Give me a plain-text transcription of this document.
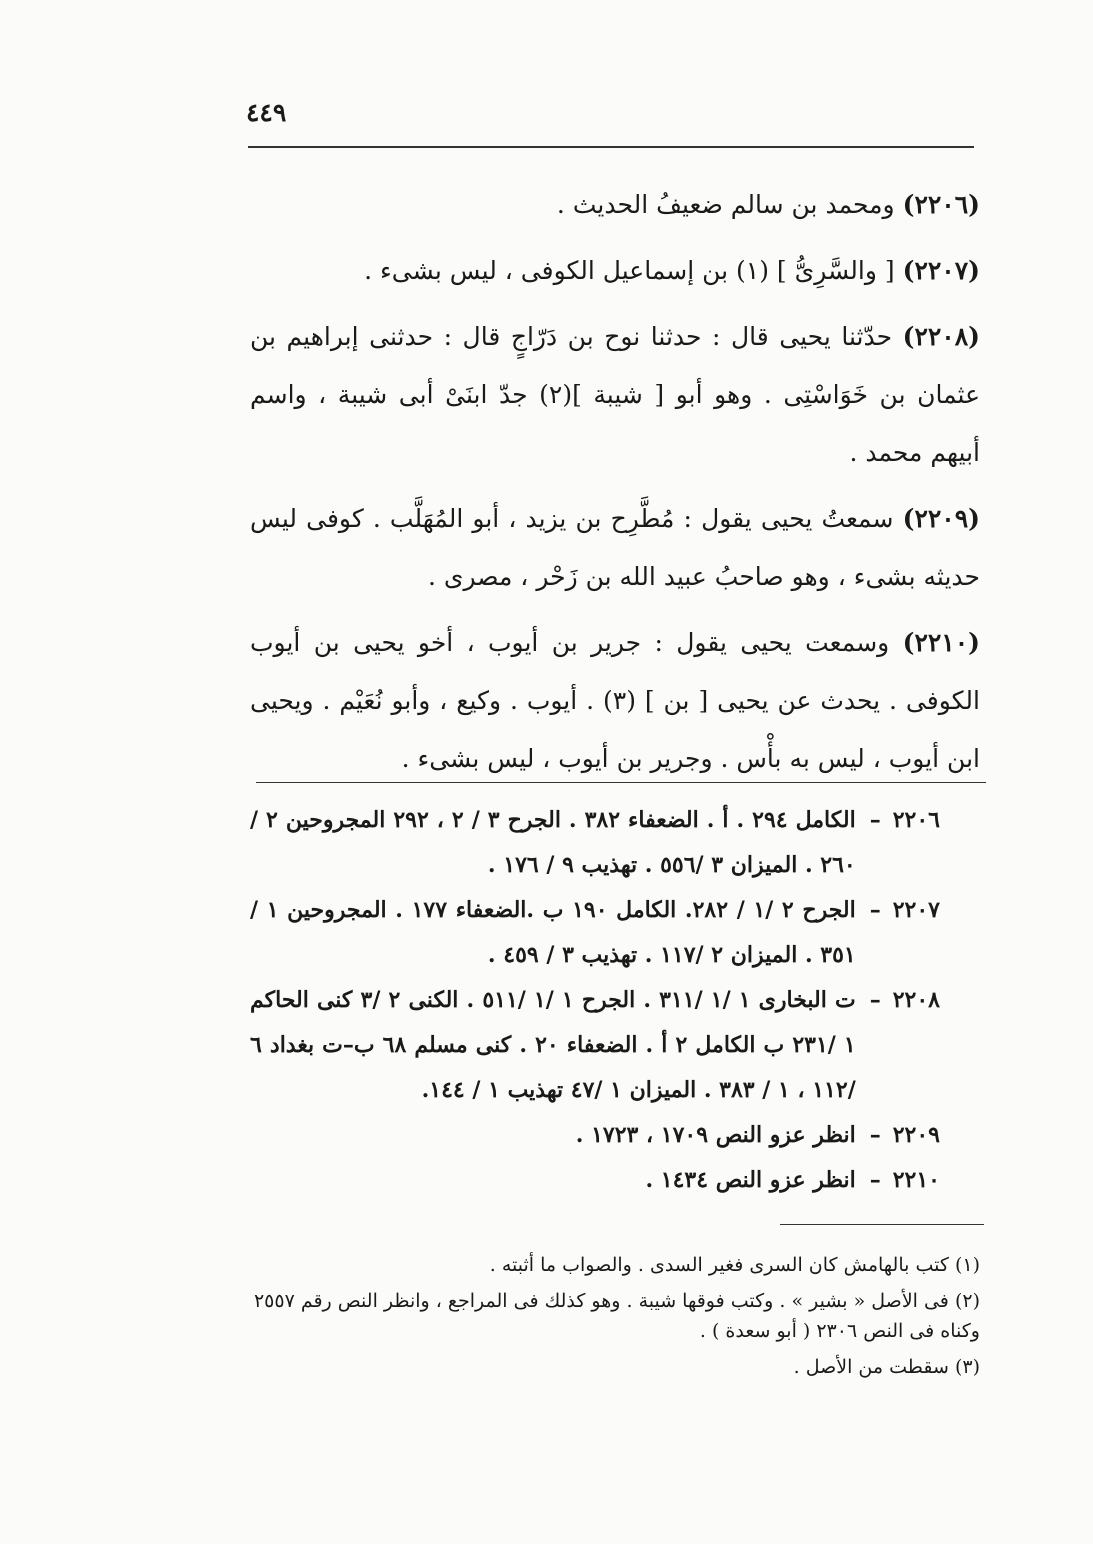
٤٤٩

(٢٢٠٦) ومحمد بن سالم ضعيفُ الحديث .

(٢٢٠٧) [ والسَّرِىُّ ] (١) بن إسماعيل الكوفى ، ليس بشىء .

(٢٢٠٨) حدّثنا يحيى قال : حدثنا نوح بن دَرّاجٍ قال : حدثنى إبراهيم بن عثمان بن خَوَاسْتِى . وهو أبو [ شيبة ](٢) جدّ ابنَىْ أبى شيبة ، واسم أبيهم محمد .

(٢٢٠٩) سمعتُ يحيى يقول : مُطَّرِح بن يزيد ، أبو المُهَلَّب . كوفى ليس حديثه بشىء ، وهو صاحبُ عبيد الله بن زَحْر ، مصرى .

(٢٢١٠) وسمعت يحيى يقول : جرير بن أيوب ، أخو يحيى بن أيوب الكوفى . يحدث عن يحيى [ بن ] (٣) . أيوب . وكيع ، وأبو نُعَيْم . ويحيى ابن أيوب ، ليس به بأْس . وجرير بن أيوب ، ليس بشىء .

٢٢٠٦
–
الكامل ٢٩٤ . أ . الضعفاء ٣٨٢ . الجرح ٣ / ٢ ، ٢٩٢ المجروحين ٢ / ٢٦٠ . الميزان ٣ /٥٥٦ . تهذيب ٩ / ١٧٦ .
٢٢٠٧
–
الجرح ٢ /١ / ٢٨٢. الكامل ١٩٠ ب .الضعفاء ١٧٧ . المجروحين ١ /٣٥١ . الميزان ٢ /١١٧ . تهذيب ٣ / ٤٥٩ .
٢٢٠٨
–
ت البخارى ١ /١ /٣١١ . الجرح ١ /١ /٥١١ . الكنى ٢ /٣ كنى الحاكم ١ /٢٣١ ب الكامل ٢ أ . الضعفاء ٢٠ . كنى مسلم ٦٨ ب–ت بغداد ٦ /١١٢ ، ١ / ٣٨٣ . الميزان ١ /٤٧ تهذيب ١ / ١٤٤.
٢٢٠٩
–
انظر عزو النص ١٧٠٩ ، ١٧٢٣ .
٢٢١٠
–
انظر عزو النص ١٤٣٤ .

(١) كتب بالهامش كان السرى فغير السدى . والصواب ما أثبته .

(٢) فى الأصل « بشير » . وكتب فوقها شيبة . وهو كذلك فى المراجع ، وانظر النص رقم ٢٥٥٧ وكناه فى النص ٢٣٠٦ ( أبو سعدة ) .

(٣) سقطت من الأصل .
